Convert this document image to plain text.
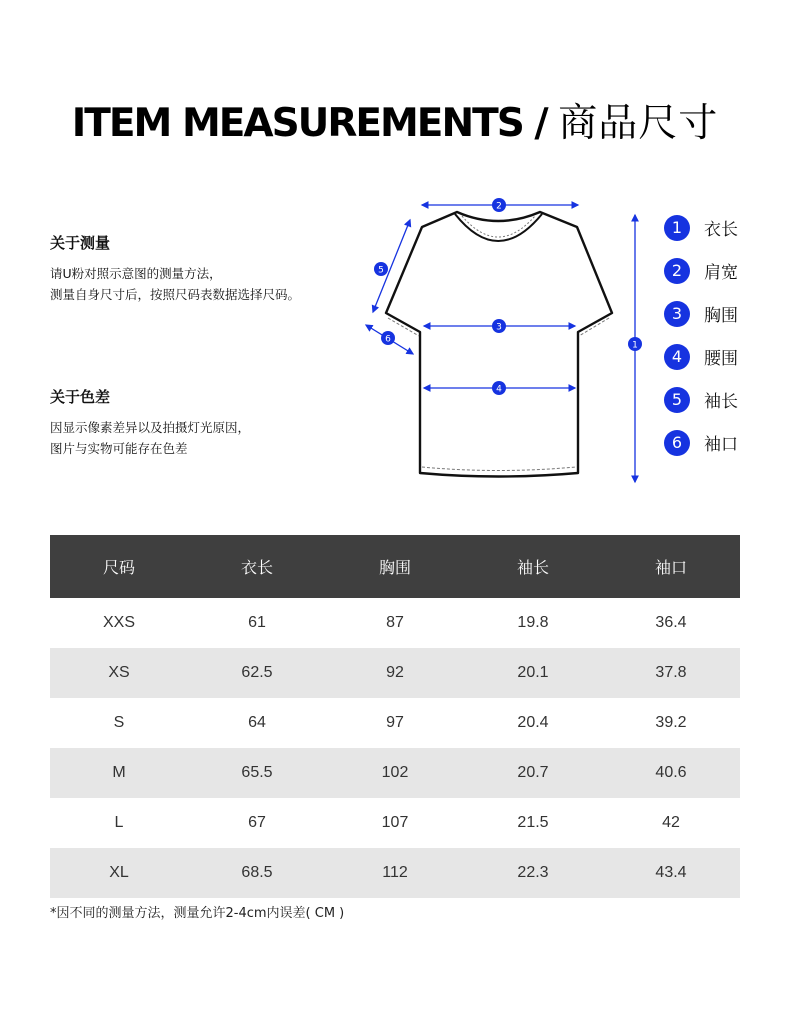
ITEM MEASUREMENTS / 商品尺寸
关于测量

请U粉对照示意图的测量方法，

测量自身尺寸后，按照尺码表数据选择尺码。

关于色差

因显示像素差异以及拍摄灯光原因，

图片与实物可能存在色差

2
1
3
4
5
6
1	衣长
2	肩宽
3	胸围
4	腰围
5	袖长
6	袖口
尺码	衣长	胸围	袖长	袖口
XXS	61	87	19.8	36.4
XS	62.5	92	20.1	37.8
S	64	97	20.4	39.2
M	65.5	102	20.7	40.6
L	67	107	21.5	42
XL	68.5	112	22.3	43.4
*因不同的测量方法，测量允许2-4cm内误差( CM )
